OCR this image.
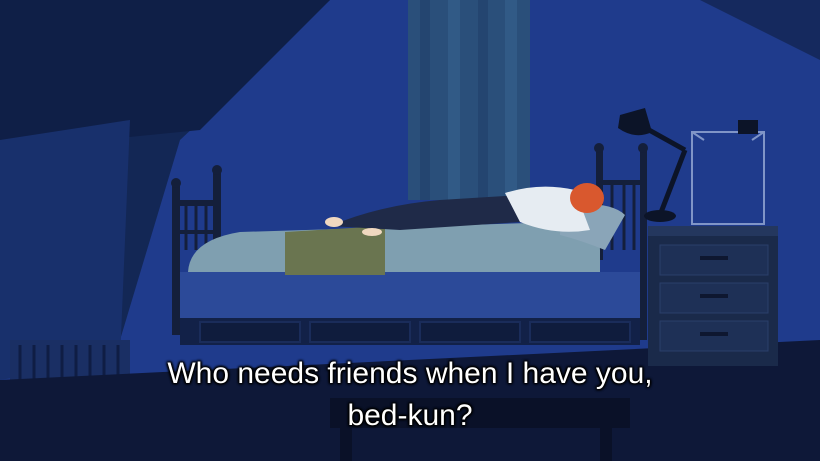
Who needs friends when I have you,
bed-kun?
